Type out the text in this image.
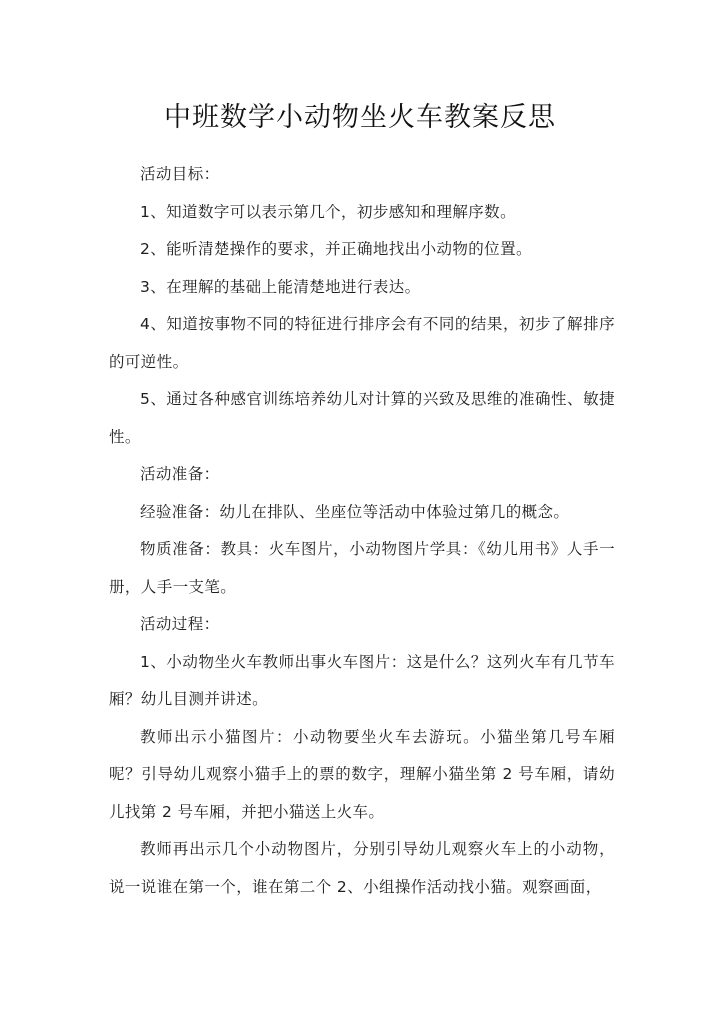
中班数学小动物坐火车教案反思

活动目标：

1、知道数字可以表示第几个，初步感知和理解序数。

2、能听清楚操作的要求，并正确地找出小动物的位置。

3、在理解的基础上能清楚地进行表达。

4、知道按事物不同的特征进行排序会有不同的结果，初步了解排序的可逆性。

5、通过各种感官训练培养幼儿对计算的兴致及思维的准确性、敏捷性。

活动准备：

经验准备：幼儿在排队、坐座位等活动中体验过第几的概念。

物质准备：教具：火车图片，小动物图片学具：《幼儿用书》人手一册，人手一支笔。

活动过程：

1、小动物坐火车教师出事火车图片：这是什么？这列火车有几节车厢？幼儿目测并讲述。

教师出示小猫图片：小动物要坐火车去游玩。小猫坐第几号车厢呢？引导幼儿观察小猫手上的票的数字，理解小猫坐第 2 号车厢，请幼儿找第 2 号车厢，并把小猫送上火车。

教师再出示几个小动物图片，分别引导幼儿观察火车上的小动物，说一说谁在第一个，谁在第二个 2、小组操作活动找小猫。观察画面，
